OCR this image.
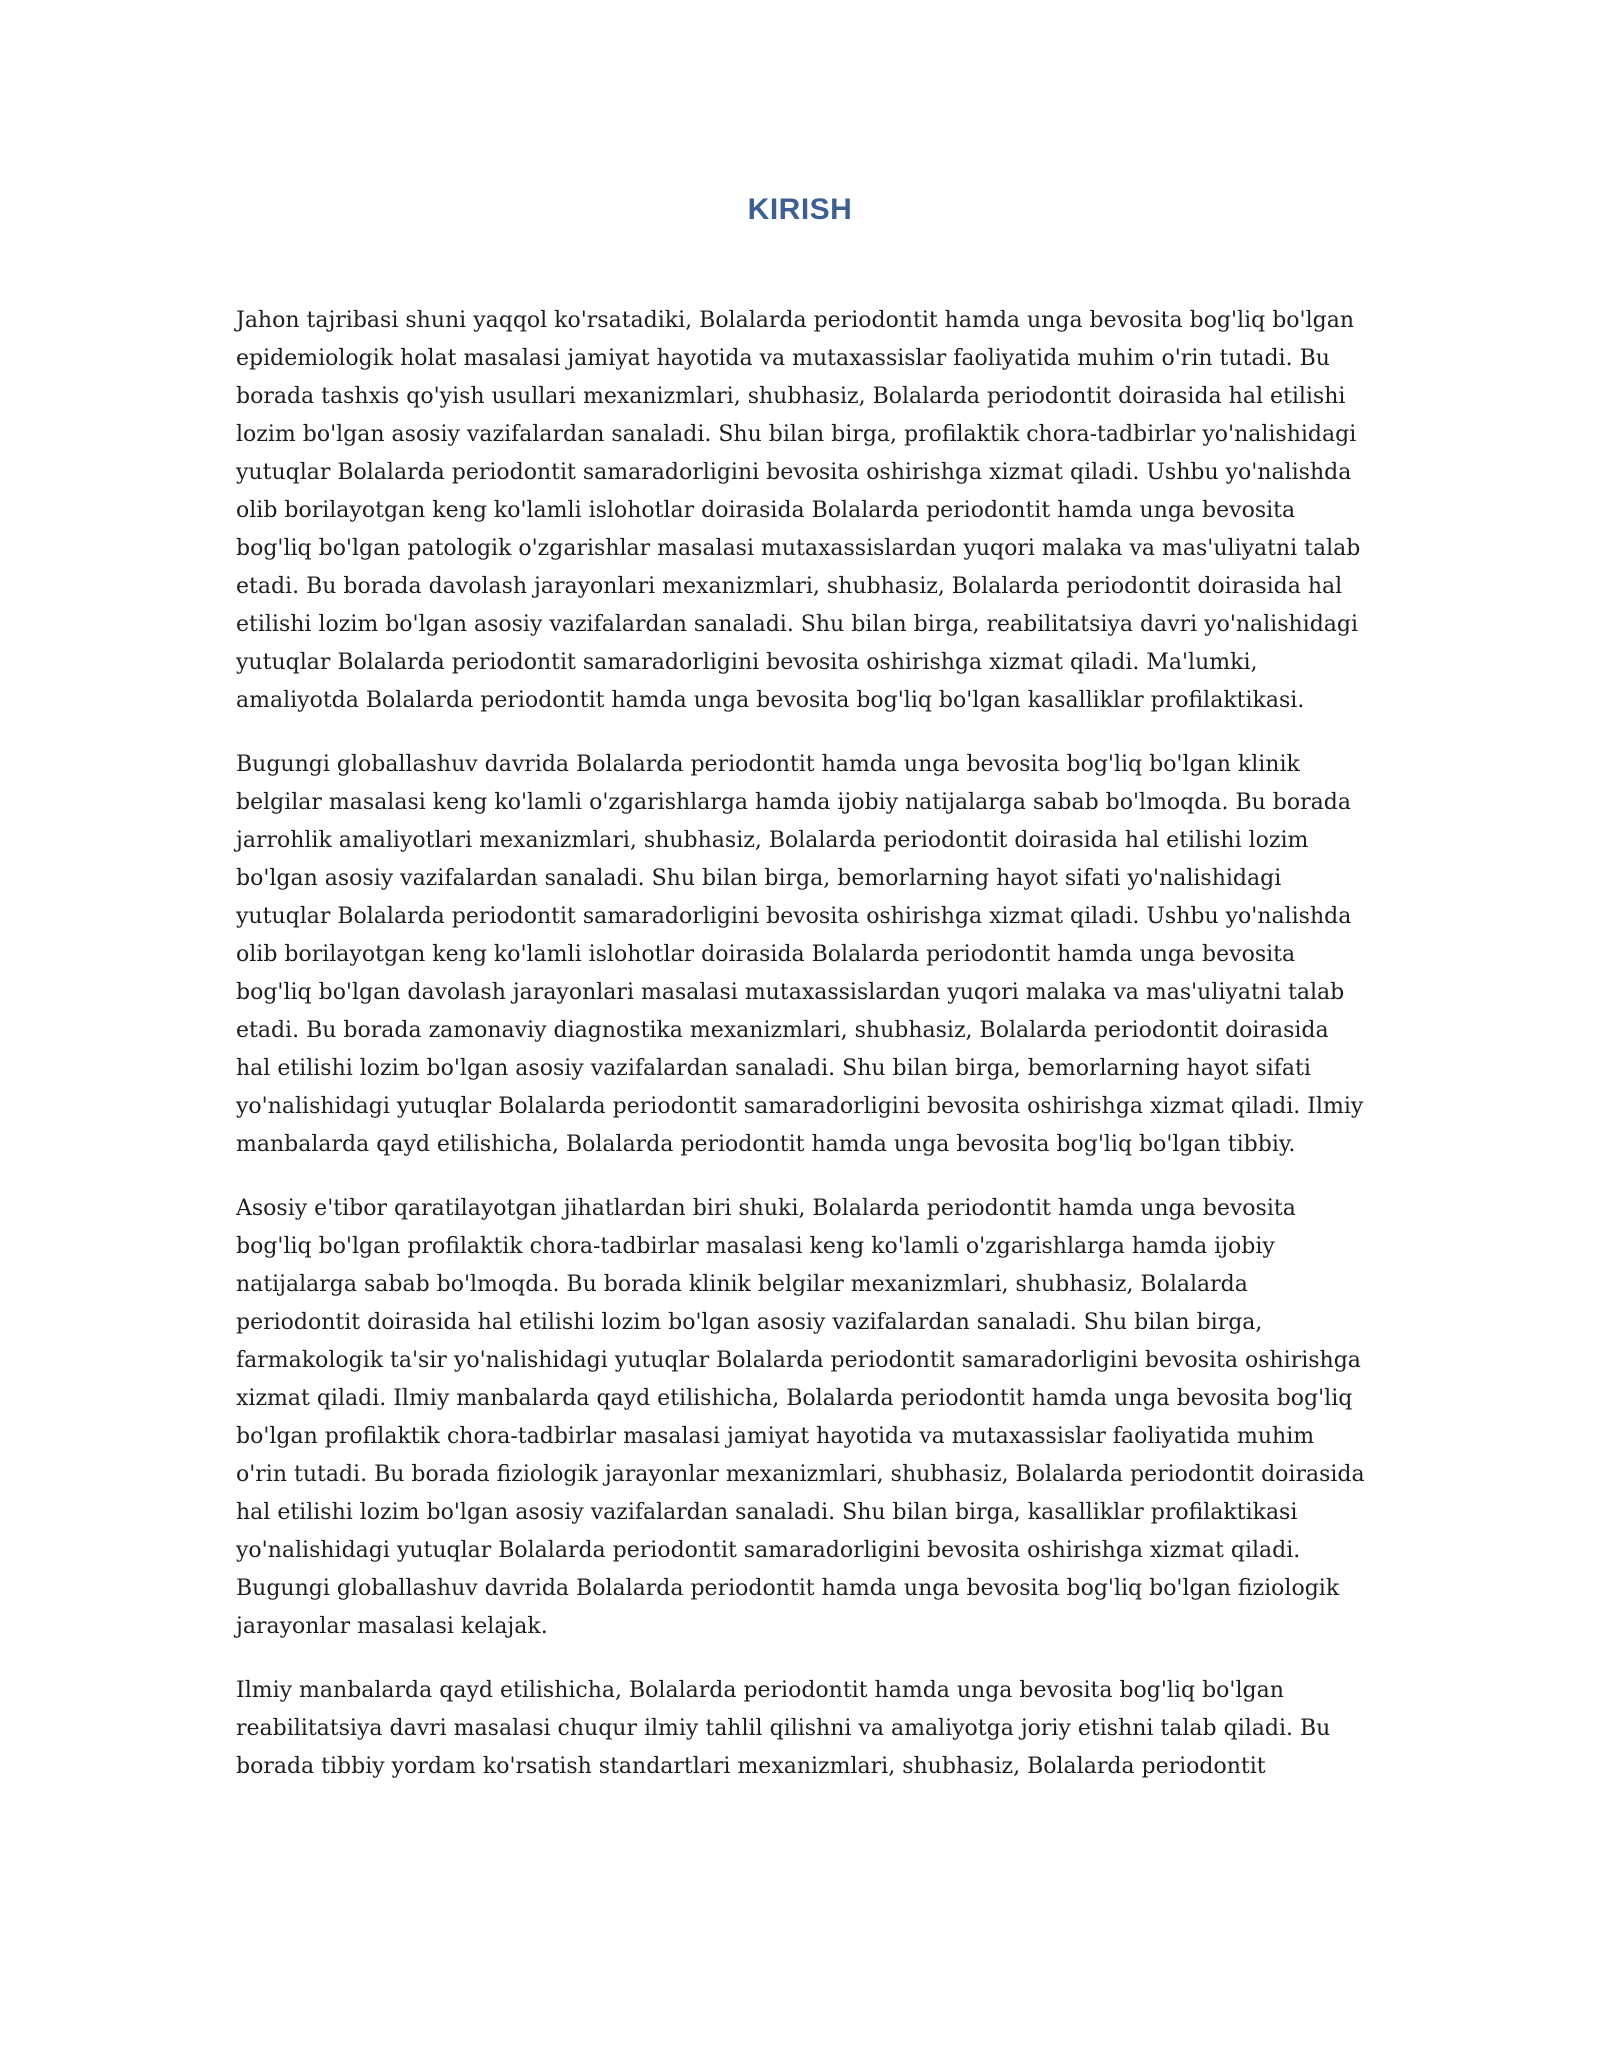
KIRISH

Jahon tajribasi shuni yaqqol ko'rsatadiki, Bolalarda periodontit hamda unga bevosita bog'liq bo'lgan epidemiologik holat masalasi jamiyat hayotida va mutaxassislar faoliyatida muhim o'rin tutadi. Bu borada tashxis qo'yish usullari mexanizmlari, shubhasiz, Bolalarda periodontit doirasida hal etilishi lozim bo'lgan asosiy vazifalardan sanaladi. Shu bilan birga, profilaktik chora-tadbirlar yo'nalishidagi yutuqlar Bolalarda periodontit samaradorligini bevosita oshirishga xizmat qiladi. Ushbu yo'nalishda olib borilayotgan keng ko'lamli islohotlar doirasida Bolalarda periodontit hamda unga bevosita bog'liq bo'lgan patologik o'zgarishlar masalasi mutaxassislardan yuqori malaka va mas'uliyatni talab etadi. Bu borada davolash jarayonlari mexanizmlari, shubhasiz, Bolalarda periodontit doirasida hal etilishi lozim bo'lgan asosiy vazifalardan sanaladi. Shu bilan birga, reabilitatsiya davri yo'nalishidagi yutuqlar Bolalarda periodontit samaradorligini bevosita oshirishga xizmat qiladi. Ma'lumki, amaliyotda Bolalarda periodontit hamda unga bevosita bog'liq bo'lgan kasalliklar profilaktikasi.

Bugungi globallashuv davrida Bolalarda periodontit hamda unga bevosita bog'liq bo'lgan klinik belgilar masalasi keng ko'lamli o'zgarishlarga hamda ijobiy natijalarga sabab bo'lmoqda. Bu borada jarrohlik amaliyotlari mexanizmlari, shubhasiz, Bolalarda periodontit doirasida hal etilishi lozim bo'lgan asosiy vazifalardan sanaladi. Shu bilan birga, bemorlarning hayot sifati yo'nalishidagi yutuqlar Bolalarda periodontit samaradorligini bevosita oshirishga xizmat qiladi. Ushbu yo'nalishda olib borilayotgan keng ko'lamli islohotlar doirasida Bolalarda periodontit hamda unga bevosita bog'liq bo'lgan davolash jarayonlari masalasi mutaxassislardan yuqori malaka va mas'uliyatni talab etadi. Bu borada zamonaviy diagnostika mexanizmlari, shubhasiz, Bolalarda periodontit doirasida hal etilishi lozim bo'lgan asosiy vazifalardan sanaladi. Shu bilan birga, bemorlarning hayot sifati yo'nalishidagi yutuqlar Bolalarda periodontit samaradorligini bevosita oshirishga xizmat qiladi. Ilmiy manbalarda qayd etilishicha, Bolalarda periodontit hamda unga bevosita bog'liq bo'lgan tibbiy.

Asosiy e'tibor qaratilayotgan jihatlardan biri shuki, Bolalarda periodontit hamda unga bevosita bog'liq bo'lgan profilaktik chora-tadbirlar masalasi keng ko'lamli o'zgarishlarga hamda ijobiy natijalarga sabab bo'lmoqda. Bu borada klinik belgilar mexanizmlari, shubhasiz, Bolalarda periodontit doirasida hal etilishi lozim bo'lgan asosiy vazifalardan sanaladi. Shu bilan birga, farmakologik ta'sir yo'nalishidagi yutuqlar Bolalarda periodontit samaradorligini bevosita oshirishga xizmat qiladi. Ilmiy manbalarda qayd etilishicha, Bolalarda periodontit hamda unga bevosita bog'liq bo'lgan profilaktik chora-tadbirlar masalasi jamiyat hayotida va mutaxassislar faoliyatida muhim o'rin tutadi. Bu borada fiziologik jarayonlar mexanizmlari, shubhasiz, Bolalarda periodontit doirasida hal etilishi lozim bo'lgan asosiy vazifalardan sanaladi. Shu bilan birga, kasalliklar profilaktikasi yo'nalishidagi yutuqlar Bolalarda periodontit samaradorligini bevosita oshirishga xizmat qiladi. Bugungi globallashuv davrida Bolalarda periodontit hamda unga bevosita bog'liq bo'lgan fiziologik jarayonlar masalasi kelajak.

Ilmiy manbalarda qayd etilishicha, Bolalarda periodontit hamda unga bevosita bog'liq bo'lgan reabilitatsiya davri masalasi chuqur ilmiy tahlil qilishni va amaliyotga joriy etishni talab qiladi. Bu borada tibbiy yordam ko'rsatish standartlari mexanizmlari, shubhasiz, Bolalarda periodontit
